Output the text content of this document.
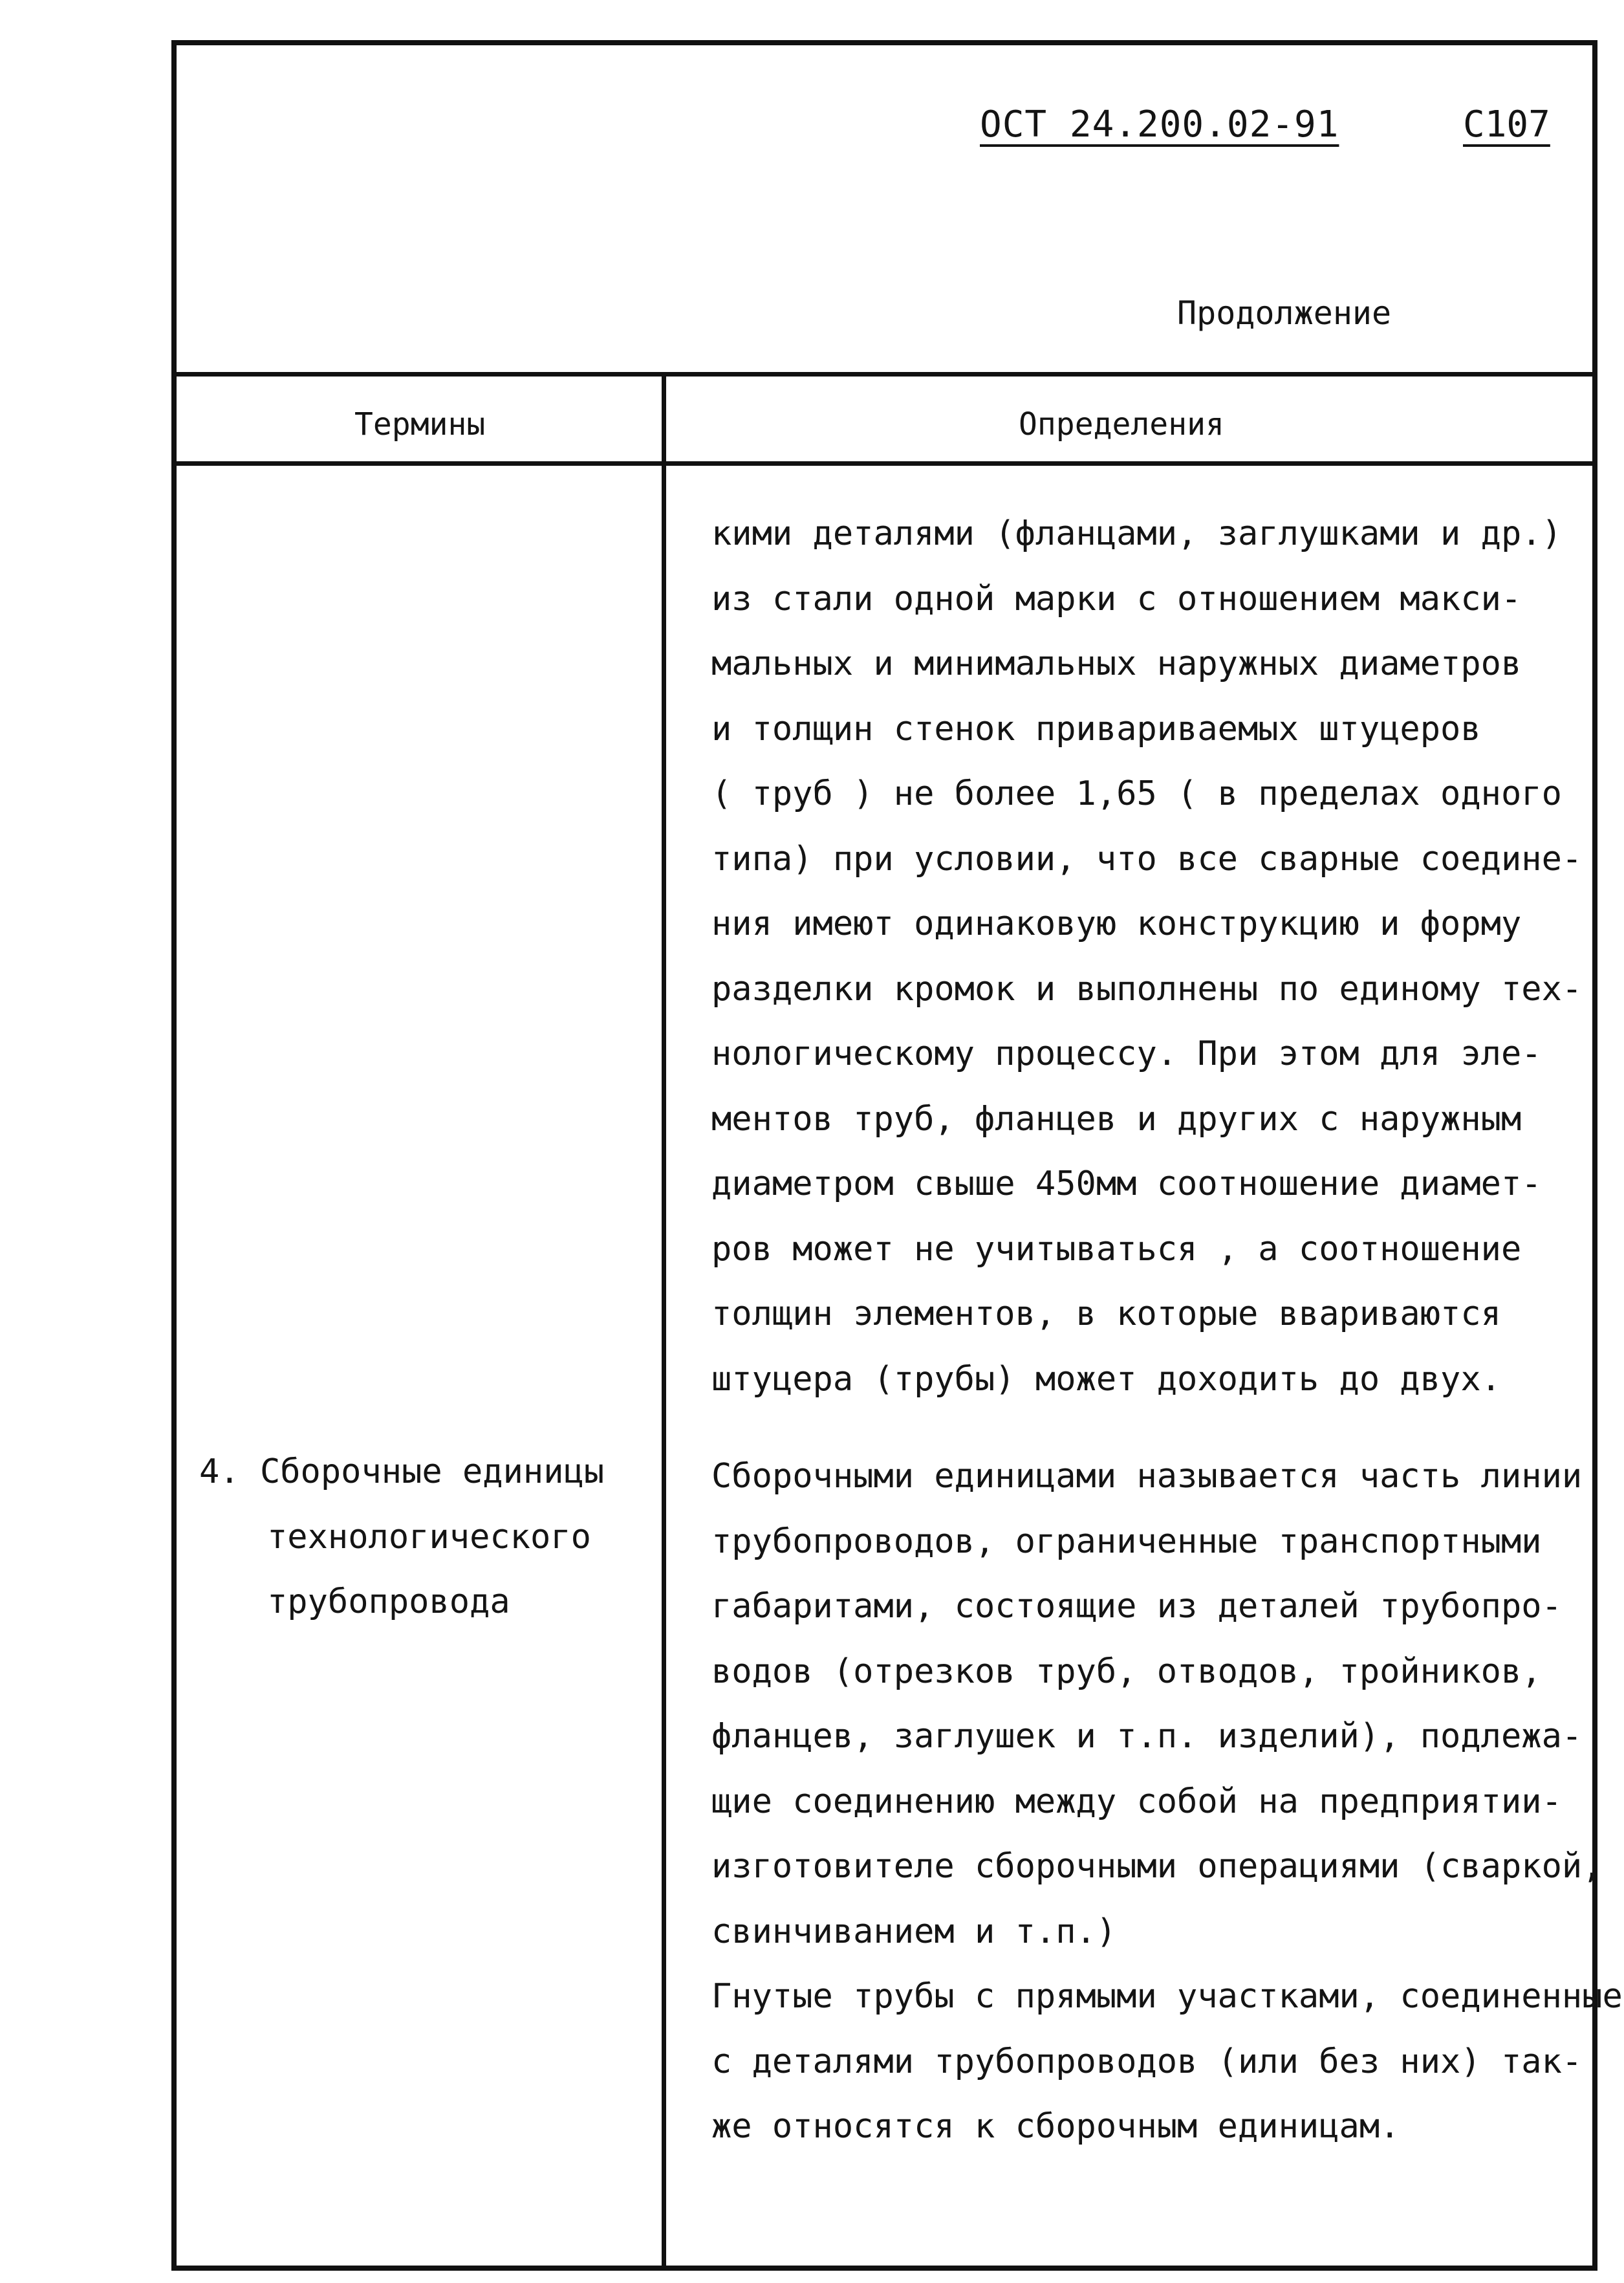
ОСТ 24.200.02-91	С107
Продолжение
Термины	Определения
кими деталями (фланцами, заглушками и др.)
из стали одной марки с отношением макси-
мальных и минимальных наружных диаметров
и толщин стенок привариваемых штуцеров
( труб ) не более 1,65 ( в пределах одного
типа) при условии, что все сварные соедине-
ния имеют одинаковую конструкцию и форму
разделки кромок и выполнены по единому тех-
нологическому процессу. При этом для эле-
ментов труб, фланцев и других с наружным
диаметром свыше 450мм соотношение диамет-
ров может не учитываться , а соотношение
толщин элементов, в которые ввариваются
штуцера (трубы) может доходить до двух.
Сборочными единицами называется часть линии
трубопроводов, ограниченные транспортными
габаритами, состоящие из деталей трубопро-
водов (отрезков труб, отводов, тройников,
фланцев, заглушек и т.п. изделий), подлежа-
щие соединению между собой на предприятии-
изготовителе сборочными операциями (сваркой,
свинчиванием и т.п.)
Гнутые трубы с прямыми участками, соединенные
с деталями трубопроводов (или без них) так-
же относятся к сборочным единицам.
4. Сборочные единицы
технологического
трубопровода
